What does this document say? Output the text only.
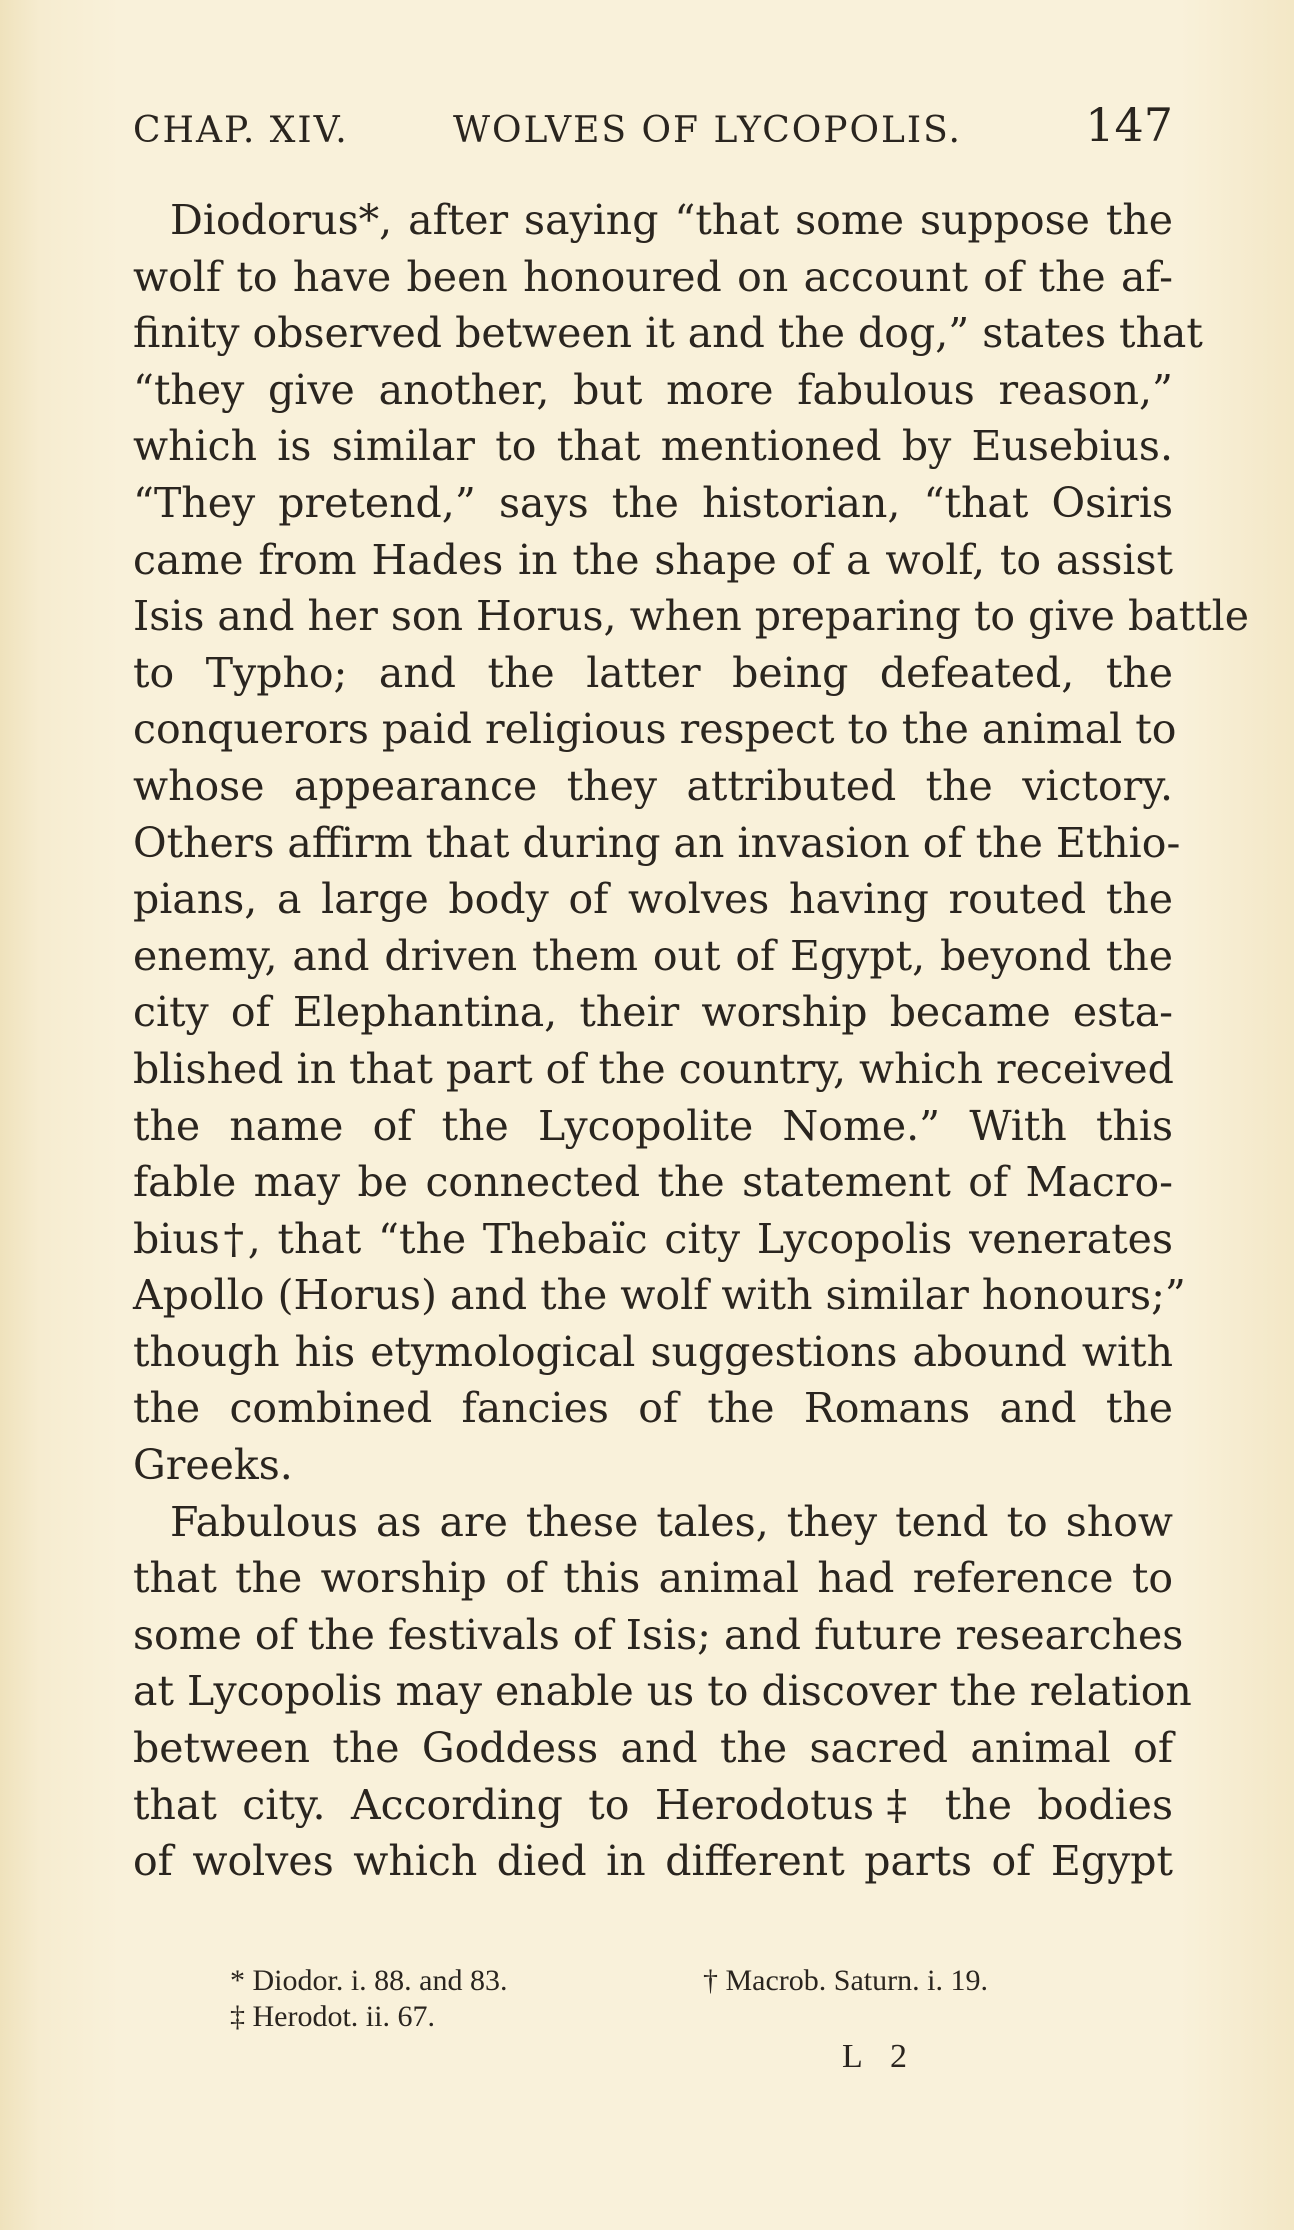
CHAP. XIV.	WOLVES OF LYCOPOLIS.	147
Diodorus*, after saying “that some suppose the
wolf to have been honoured on account of the af-
finity observed between it and the dog,” states that
“they give another, but more fabulous reason,”
which is similar to that mentioned by Eusebius.
“They pretend,” says the historian, “that Osiris
came from Hades in the shape of a wolf, to assist
Isis and her son Horus, when preparing to give battle
to Typho; and the latter being defeated, the
conquerors paid religious respect to the animal to
whose appearance they attributed the victory.
Others affirm that during an invasion of the Ethio-
pians, a large body of wolves having routed the
enemy, and driven them out of Egypt, beyond the
city of Elephantina, their worship became esta-
blished in that part of the country, which received
the name of the Lycopolite Nome.” With this
fable may be connected the statement of Macro-
bius†, that “the Thebaïc city Lycopolis venerates
Apollo (Horus) and the wolf with similar honours;”
though his etymological suggestions abound with
the combined fancies of the Romans and the
Greeks.
Fabulous as are these tales, they tend to show
that the worship of this animal had reference to
some of the festivals of Isis; and future researches
at Lycopolis may enable us to discover the relation
between the Goddess and the sacred animal of
that city. According to Herodotus‡ the bodies
of wolves which died in different parts of Egypt
* Diodor. i. 88. and 83.	† Macrob. Saturn. i. 19.
‡ Herodot. ii. 67.
L 2
